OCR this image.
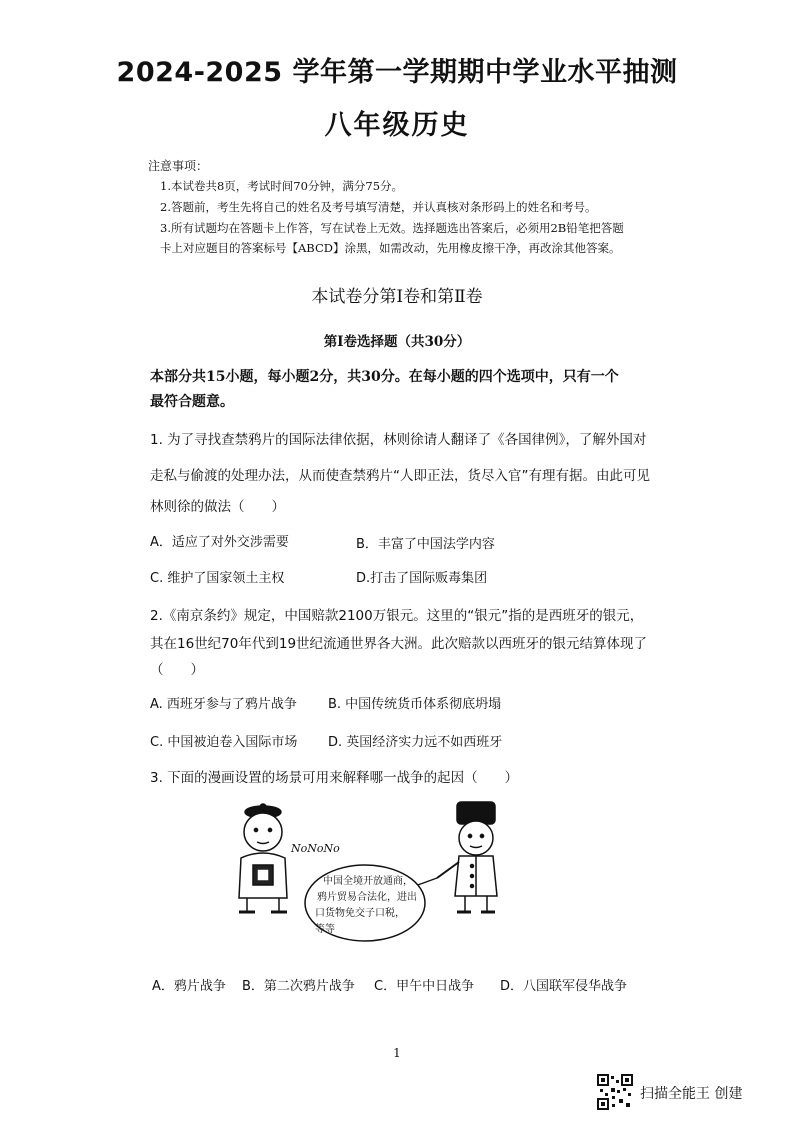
2024-2025 学年第一学期期中学业水平抽测
八年级历史
注意事项：
1.本试卷共8页，考试时间70分钟，满分75分。
2.答题前，考生先将自己的姓名及考号填写清楚，并认真核对条形码上的姓名和考号。
3.所有试题均在答题卡上作答，写在试卷上无效。选择题选出答案后，必须用2B铅笔把答题
卡上对应题目的答案标号【ABCD】涂黑，如需改动，先用橡皮擦干净，再改涂其他答案。
本试卷分第Ⅰ卷和第Ⅱ卷
第Ⅰ卷选择题（共30分）
本部分共15小题，每小题2分，共30分。在每小题的四个选项中，只有一个
最符合题意。
1. 为了寻找查禁鸦片的国际法律依据，林则徐请人翻译了《各国律例》，了解外国对
走私与偷渡的处理办法，从而使查禁鸦片“人即正法，货尽入官”有理有据。由此可见
林则徐的做法（　　）
A．适应了对外交涉需要	B．丰富了中国法学内容
C. 维护了国家领土主权	D.打击了国际贩毒集团
2.《南京条约》规定，中国赔款2100万银元。这里的“银元”指的是西班牙的银元，
其在16世纪70年代到19世纪流通世界各大洲。此次赔款以西班牙的银元结算体现了
（　　）
A. 西班牙参与了鸦片战争 B. 中国传统货币体系彻底坍塌
C. 中国被迫卷入国际市场 D. 英国经济实力远不如西班牙
3. 下面的漫画设置的场景可用来解释哪一战争的起因（　　）
NoNoNo
中国全境开放通商，
鸦片贸易合法化，进出
口货物免交子口税，
等等
A．鸦片战争 B．第二次鸦片战争 C．甲午中日战争 D．八国联军侵华战争
1
扫描全能王 创建
